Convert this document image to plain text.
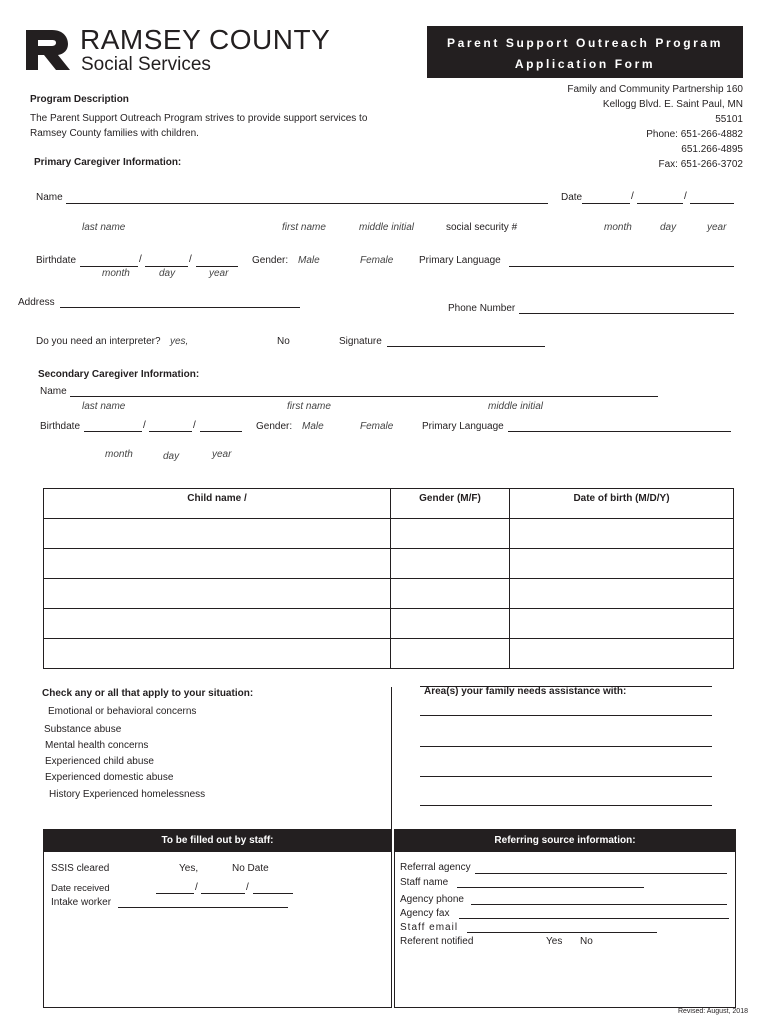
RAMSEY COUNTY
Social Services
Parent Support Outreach Program
Application Form
Family and Community Partnership 160
Kellogg Blvd. E. Saint Paul, MN
55101
Phone: 651-266-4882
651.266-4895
Fax: 651-266-3702
Program Description
The Parent Support Outreach Program strives to provide support services to
Ramsey County families with children.
Primary Caregiver Information:
Name	Date	/	/
last name	first name	middle initial	social security #	month	day	year
Birthdate	/	/	Gender: Male	Female	Primary Language
month	day	year
Address
Phone Number
Do you need an interpreter? yes,	No	Signature
Secondary Caregiver Information:
Name
last name	first name	middle initial
Birthdate	/	/	Gender: Male	Female	Primary Language
month	day	year
Child name /	Gender (M/F)	Date of birth (M/D/Y)

Check any or all that apply to your situation:
Emotional or behavioral concerns
Substance abuse
Mental health concerns
Experienced child abuse
Experienced domestic abuse
History Experienced homelessness
Area(s) your family needs assistance with:
To be filled out by staff:
SSIS cleared	Yes,	No Date
Date received	/	/
Intake worker
Referring source information:
Referral agency
Staff name
Agency phone
Agency fax
Staff email
Referent notified	Yes No
Revised: August, 2018
